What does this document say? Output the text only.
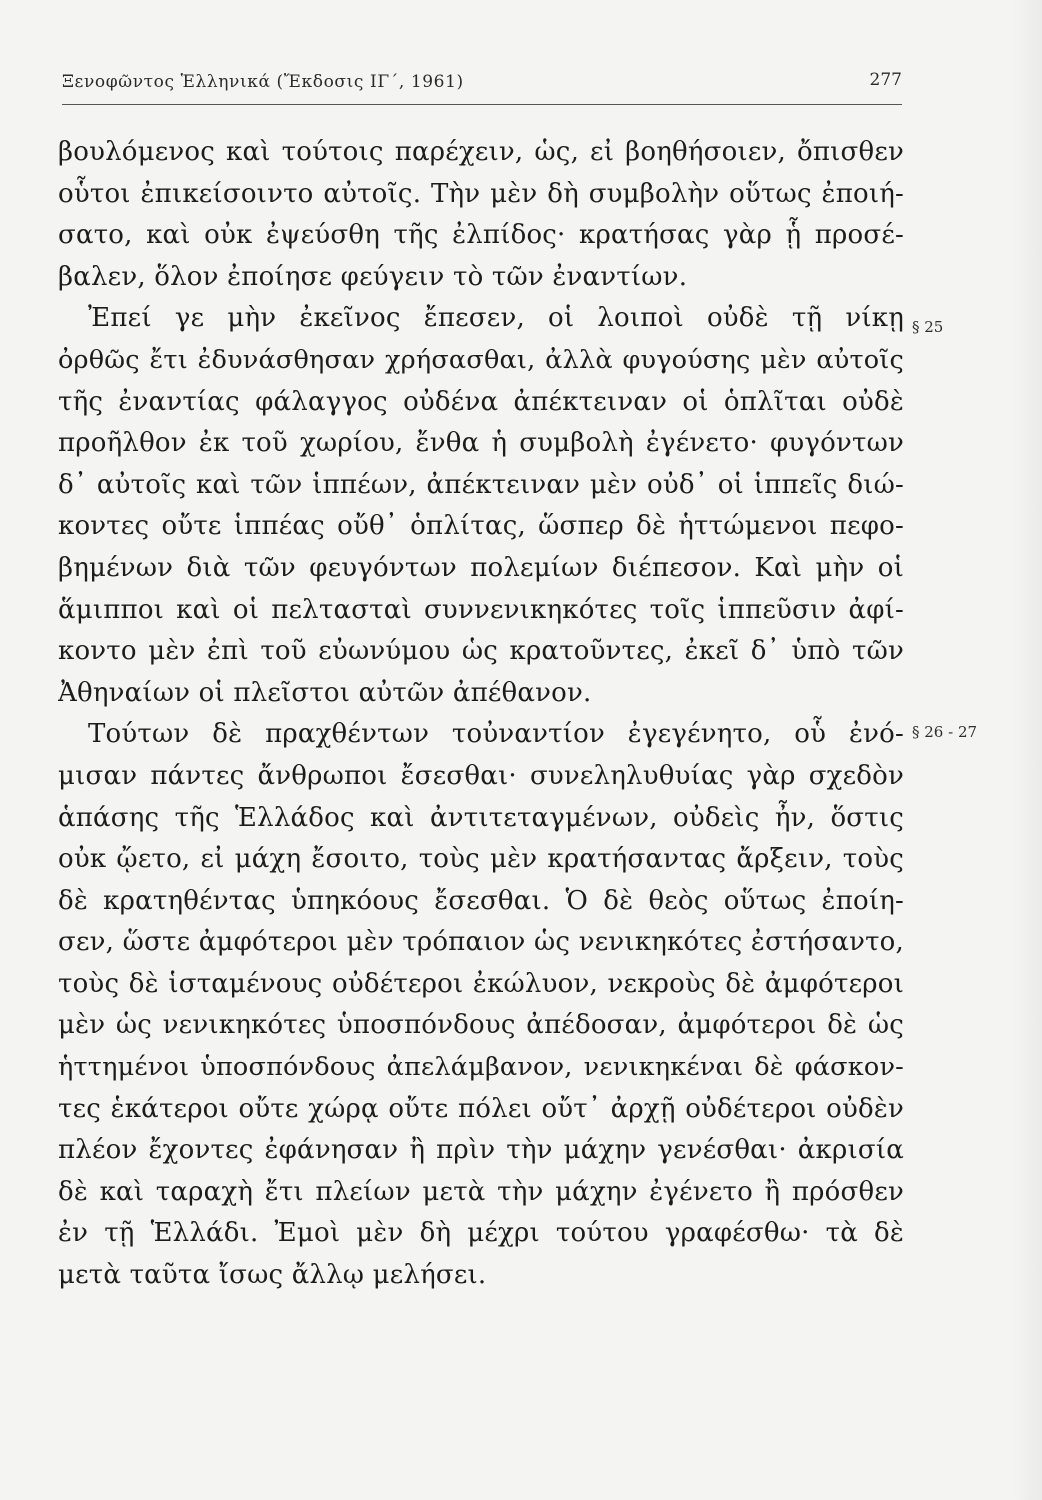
Ξενοφῶντος Ἑλληνικά (Ἔκδοσις ΙΓ΄, 1961)	277
βουλόμενος καὶ τούτοις παρέχειν, ὡς, εἰ βοηθήσοιεν, ὄπισθεν
οὗτοι ἐπικείσοιντο αὐτοῖς. Τὴν μὲν δὴ συμβολὴν οὕτως ἐποιή-
σατο, καὶ οὐκ ἐψεύσθη τῆς ἐλπίδος· κρατήσας γὰρ ᾗ προσέ-
βαλεν, ὅλον ἐποίησε φεύγειν τὸ τῶν ἐναντίων.
Ἐπεί γε μὴν ἐκεῖνος ἔπεσεν, οἱ λοιποὶ οὐδὲ τῇ νίκῃ
ὀρθῶς ἔτι ἐδυνάσθησαν χρήσασθαι, ἀλλὰ φυγούσης μὲν αὐτοῖς
τῆς ἐναντίας φάλαγγος οὐδένα ἀπέκτειναν οἱ ὁπλῖται οὐδὲ
προῆλθον ἐκ τοῦ χωρίου, ἔνθα ἡ συμβολὴ ἐγένετο· φυγόντων
δ᾽ αὐτοῖς καὶ τῶν ἱππέων, ἀπέκτειναν μὲν οὐδ᾽ οἱ ἱππεῖς διώ-
κοντες οὔτε ἱππέας οὔθ᾽ ὁπλίτας, ὥσπερ δὲ ἡττώμενοι πεφο-
βημένων διὰ τῶν φευγόντων πολεμίων διέπεσον. Καὶ μὴν οἱ
ἅμιπποι καὶ οἱ πελτασταὶ συννενικηκότες τοῖς ἱππεῦσιν ἀφί-
κοντο μὲν ἐπὶ τοῦ εὐωνύμου ὡς κρατοῦντες, ἐκεῖ δ᾽ ὑπὸ τῶν
Ἀθηναίων οἱ πλεῖστοι αὐτῶν ἀπέθανον.
Τούτων δὲ πραχθέντων τοὐναντίον ἐγεγένητο, οὗ ἐνό-
μισαν πάντες ἄνθρωποι ἔσεσθαι· συνεληλυθυίας γὰρ σχεδὸν
ἁπάσης τῆς Ἑλλάδος καὶ ἀντιτεταγμένων, οὐδεὶς ἦν, ὅστις
οὐκ ᾤετο, εἰ μάχη ἔσοιτο, τοὺς μὲν κρατήσαντας ἄρξειν, τοὺς
δὲ κρατηθέντας ὑπηκόους ἔσεσθαι. Ὁ δὲ θεὸς οὕτως ἐποίη-
σεν, ὥστε ἀμφότεροι μὲν τρόπαιον ὡς νενικηκότες ἐστήσαντο,
τοὺς δὲ ἱσταμένους οὐδέτεροι ἐκώλυον, νεκροὺς δὲ ἀμφότεροι
μὲν ὡς νενικηκότες ὑποσπόνδους ἀπέδοσαν, ἀμφότεροι δὲ ὡς
ἡττημένοι ὑποσπόνδους ἀπελάμβανον, νενικηκέναι δὲ φάσκον-
τες ἑκάτεροι οὔτε χώρᾳ οὔτε πόλει οὔτ᾽ ἀρχῇ οὐδέτεροι οὐδὲν
πλέον ἔχοντες ἐφάνησαν ἢ πρὶν τὴν μάχην γενέσθαι· ἀκρισία
δὲ καὶ ταραχὴ ἔτι πλείων μετὰ τὴν μάχην ἐγένετο ἢ πρόσθεν
ἐν τῇ Ἑλλάδι. Ἐμοὶ μὲν δὴ μέχρι τούτου γραφέσθω· τὰ δὲ
μετὰ ταῦτα ἴσως ἄλλῳ μελήσει.
§ 25
§ 26 - 27
